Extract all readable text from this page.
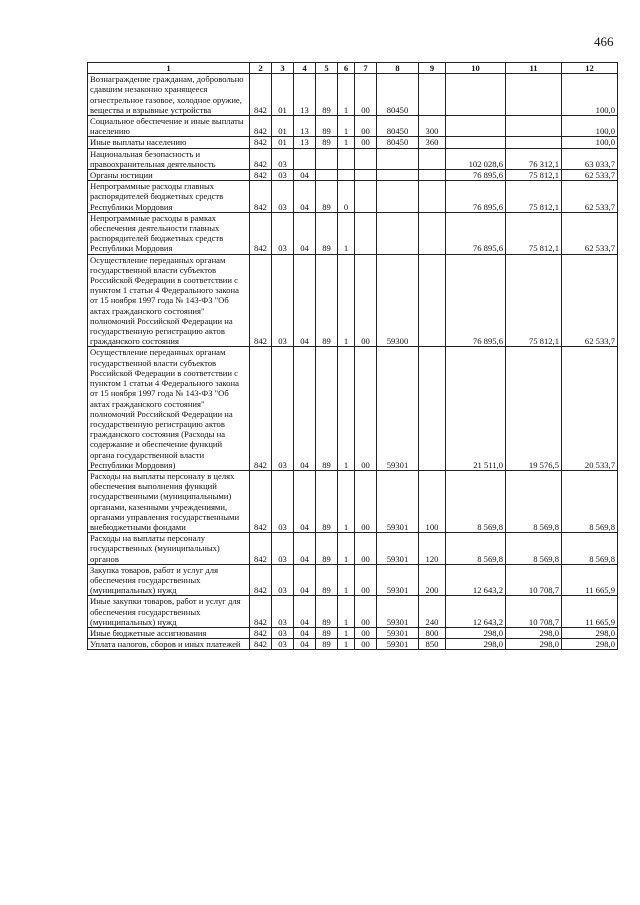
466
1	2	3	4	5	6	7	8	9	10	11	12
Вознаграждение гражданам, добровольно сдавшим незаконно хранящееся огнестрельное газовое, холодное оружие, вещества и взрывные устройства	842	01	13	89	1	00	80450				100,0
Социальное обеспечение и иные выплаты населению	842	01	13	89	1	00	80450	300			100,0
Иные выплаты населению	842	01	13	89	1	00	80450	360			100,0
Национальная безопасность и правоохранительная деятельность	842	03							102 028,6	76 312,1	63 033,7
Органы юстиции	842	03	04						76 895,6	75 812,1	62 533,7
Непрограммные расходы главных распорядителей бюджетных средств Республики Мордовия	842	03	04	89	0				76 895,6	75 812,1	62 533,7
Непрограммные расходы в рамках обеспечения деятельности главных распорядителей бюджетных средств Республики Мордовия	842	03	04	89	1				76 895,6	75 812,1	62 533,7
Осуществление переданных органам государственной власти субъектов Российской Федерации в соответствии с пунктом 1 статьи 4 Федерального закона от 15 ноября 1997 года № 143-ФЗ "Об актах гражданского состояния" полномочий Российской Федерации на государственную регистрацию актов гражданского состояния	842	03	04	89	1	00	59300		76 895,6	75 812,1	62 533,7
Осуществление переданных органам государственной власти субъектов Российской Федерации в соответствии с пунктом 1 статьи 4 Федерального закона от 15 ноября 1997 года № 143-ФЗ "Об актах гражданского состояния" полномочий Российской Федерации на государственную регистрацию актов гражданского состояния (Расходы на содержание и обеспечение функций органа государственной власти Республики Мордовия)	842	03	04	89	1	00	59301		21 511,0	19 576,5	20 533,7
Расходы на выплаты персоналу в целях обеспечения выполнения функций государственными (муниципальными) органами, казенными учреждениями, органами управления государственными внебюджетными фондами	842	03	04	89	1	00	59301	100	8 569,8	8 569,8	8 569,8
Расходы на выплаты персоналу государственных (муниципальных) органов	842	03	04	89	1	00	59301	120	8 569,8	8 569,8	8 569,8
Закупка товаров, работ и услуг для обеспечения государственных (муниципальных) нужд	842	03	04	89	1	00	59301	200	12 643,2	10 708,7	11 665,9
Иные закупки товаров, работ и услуг для обеспечения государственных (муниципальных) нужд	842	03	04	89	1	00	59301	240	12 643,2	10 708,7	11 665,9
Иные бюджетные ассигнования	842	03	04	89	1	00	59301	800	298,0	298,0	298,0
Уплата налогов, сборов и иных платежей	842	03	04	89	1	00	59301	850	298,0	298,0	298,0
